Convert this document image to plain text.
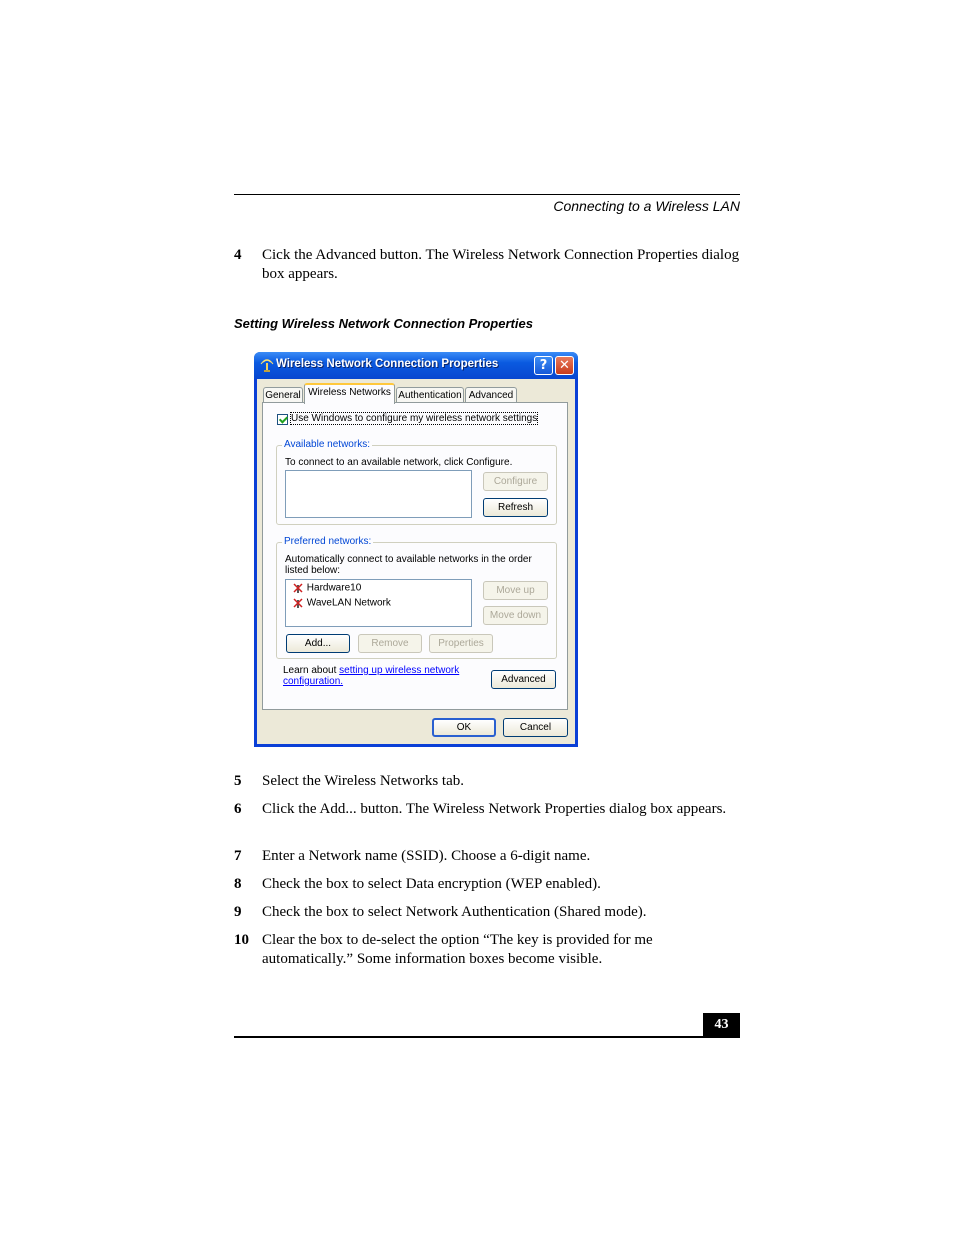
Connecting to a Wireless LAN
4 Cick the Advanced button. The Wireless Network Connection Properties dialog box appears.
Setting Wireless Network Connection Properties
Wireless Network Connection Properties	? ✕
General Wireless Networks Authentication Advanced
Use Windows to configure my wireless network settings
Available networks:
To connect to an available network, click Configure.
Configure
Refresh
Preferred networks:
Automatically connect to available networks in the order listed below:
Hardware10
WaveLAN Network
Move up
Move down
Add...	Remove	Properties
Learn about setting up wireless network
configuration.	Advanced
OK	Cancel
5 Select the Wireless Networks tab.
6 Click the Add... button. The Wireless Network Properties dialog box appears.
7 Enter a Network name (SSID). Choose a 6-digit name.
8 Check the box to select Data encryption (WEP enabled).
9 Check the box to select Network Authentication (Shared mode).
10 Clear the box to de-select the option “The key is provided for me automatically.” Some information boxes become visible.
43
